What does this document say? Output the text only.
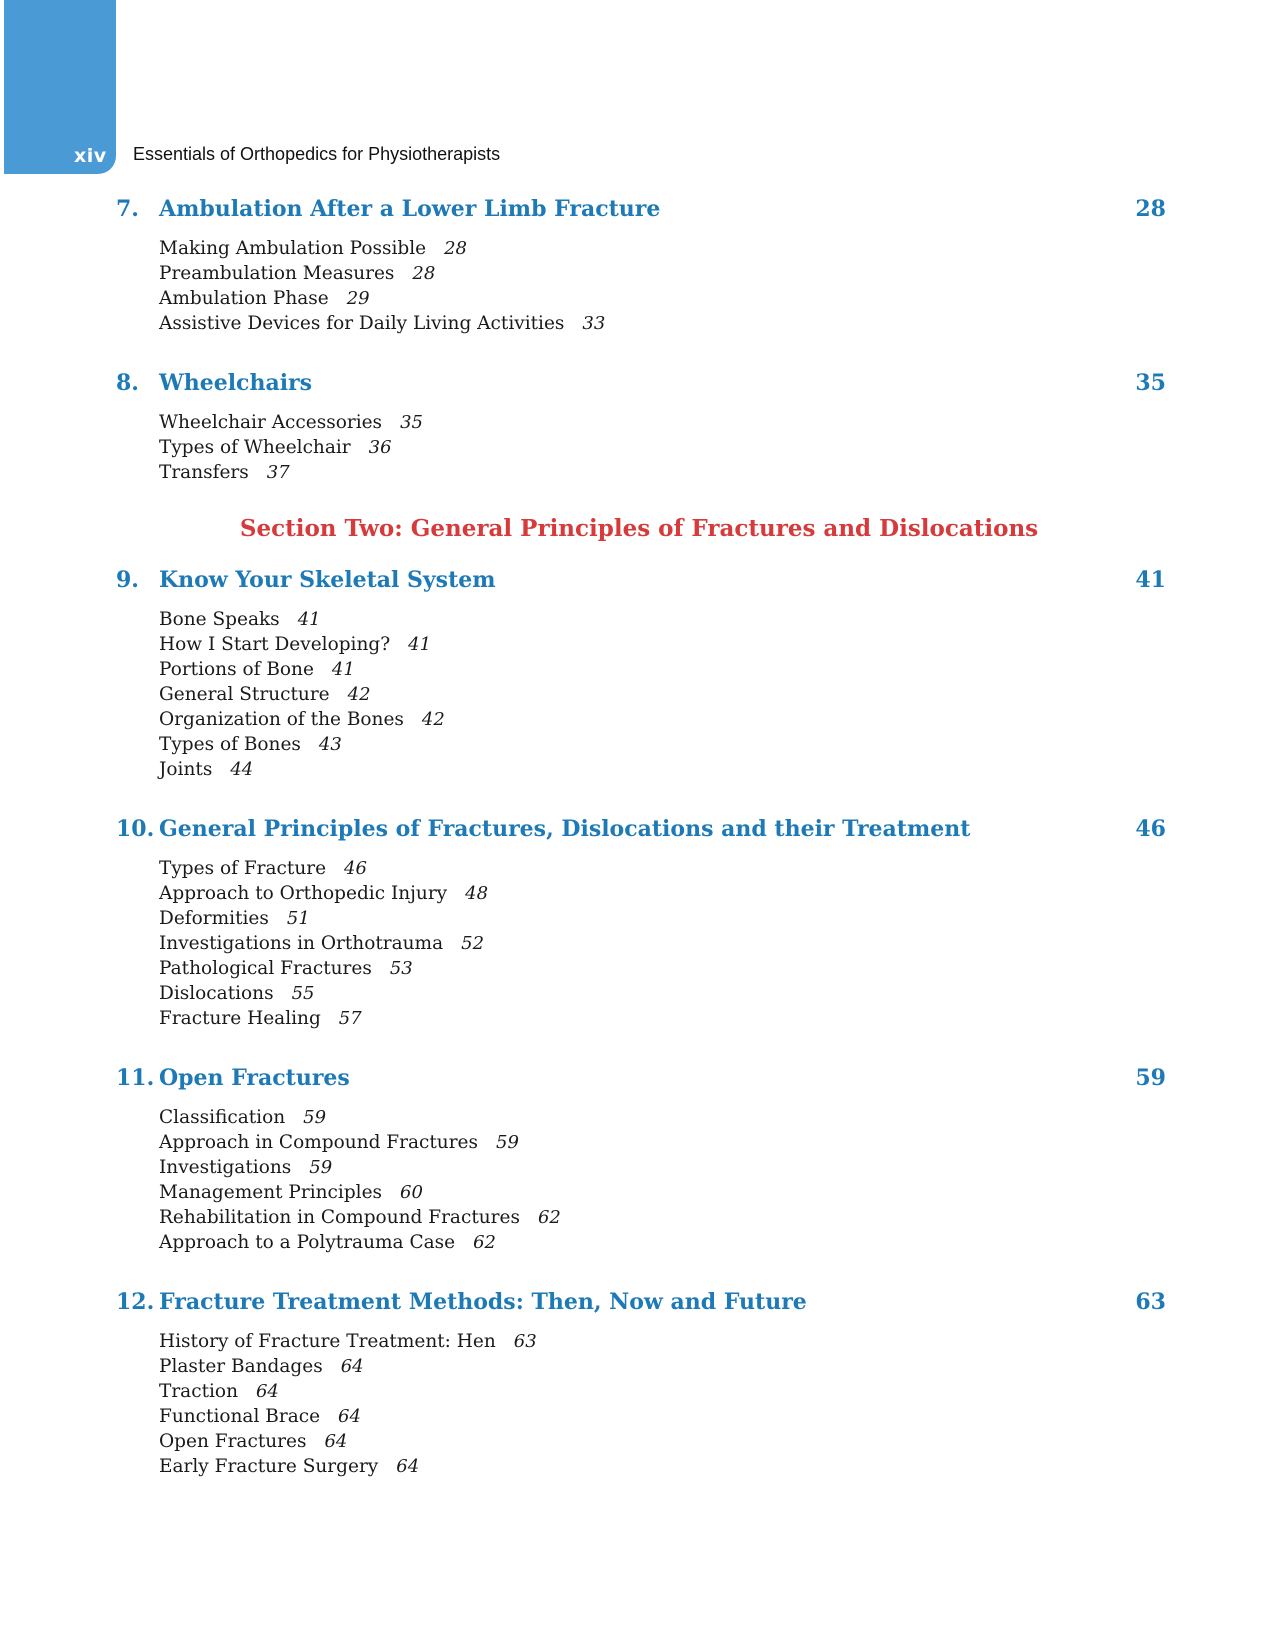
xiv Essentials of Orthopedics for Physiotherapists
7. Ambulation After a Lower Limb Fracture	28
Making Ambulation Possible 28
Preambulation Measures 28
Ambulation Phase 29
Assistive Devices for Daily Living Activities 33
8. Wheelchairs	35
Wheelchair Accessories 35
Types of Wheelchair 36
Transfers 37
Section Two: General Principles of Fractures and Dislocations
9. Know Your Skeletal System	41
Bone Speaks 41
How I Start Developing? 41
Portions of Bone 41
General Structure 42
Organization of the Bones 42
Types of Bones 43
Joints 44
10. General Principles of Fractures, Dislocations and their Treatment	46
Types of Fracture 46
Approach to Orthopedic Injury 48
Deformities 51
Investigations in Orthotrauma 52
Pathological Fractures 53
Dislocations 55
Fracture Healing 57
11. Open Fractures	59
Classification 59
Approach in Compound Fractures 59
Investigations 59
Management Principles 60
Rehabilitation in Compound Fractures 62
Approach to a Polytrauma Case 62
12. Fracture Treatment Methods: Then, Now and Future	63
History of Fracture Treatment: Hen 63
Plaster Bandages 64
Traction 64
Functional Brace 64
Open Fractures 64
Early Fracture Surgery 64
